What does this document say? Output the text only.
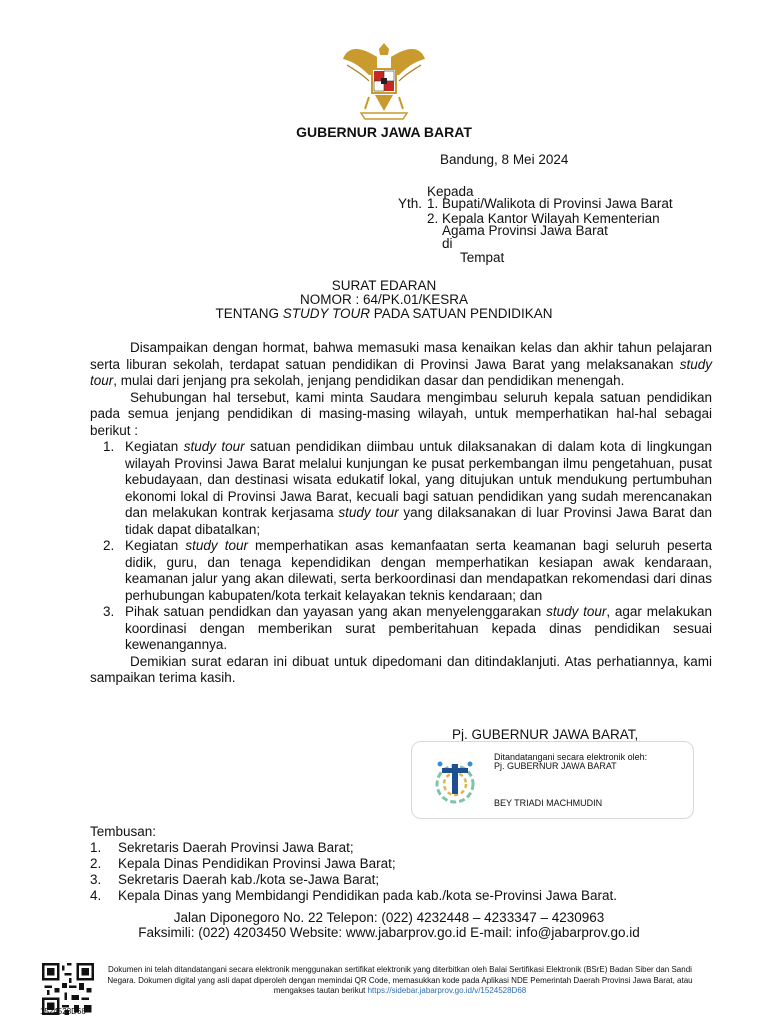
GUBERNUR JAWA BARAT
Bandung, 8 Mei 2024
Kepada
Yth. 1. Bupati/Walikota di Provinsi Jawa Barat
2. Kepala Kantor Wilayah Kementerian
Agama Provinsi Jawa Barat
di
Tempat
SURAT EDARAN
NOMOR : 64/PK.01/KESRA
TENTANG STUDY TOUR PADA SATUAN PENDIDIKAN

Disampaikan dengan hormat, bahwa memasuki masa kenaikan kelas dan akhir tahun pelajaran serta liburan sekolah, terdapat satuan pendidikan di Provinsi Jawa Barat yang melaksanakan study tour, mulai dari jenjang pra sekolah, jenjang pendidikan dasar dan pendidikan menengah.

Sehubungan hal tersebut, kami minta Saudara mengimbau seluruh kepala satuan pendidikan pada semua jenjang pendidikan di masing-masing wilayah, untuk memperhatikan hal-hal sebagai berikut :

1. Kegiatan study tour satuan pendidikan diimbau untuk dilaksanakan di dalam kota di lingkungan wilayah Provinsi Jawa Barat melalui kunjungan ke pusat perkembangan ilmu pengetahuan, pusat kebudayaan, dan destinasi wisata edukatif lokal, yang ditujukan untuk mendukung pertumbuhan ekonomi lokal di Provinsi Jawa Barat, kecuali bagi satuan pendidikan yang sudah merencanakan dan melakukan kontrak kerjasama study tour yang dilaksanakan di luar Provinsi Jawa Barat dan tidak dapat dibatalkan;
2. Kegiatan study tour memperhatikan asas kemanfaatan serta keamanan bagi seluruh peserta didik, guru, dan tenaga kependidikan dengan memperhatikan kesiapan awak kendaraan, keamanan jalur yang akan dilewati, serta berkoordinasi dan mendapatkan rekomendasi dari dinas perhubungan kabupaten/kota terkait kelayakan teknis kendaraan; dan
3. Pihak satuan pendidkan dan yayasan yang akan menyelenggarakan study tour, agar melakukan koordinasi dengan memberikan surat pemberitahuan kepada dinas pendidikan sesuai kewenangannya.

Demikian surat edaran ini dibuat untuk dipedomani dan ditindaklanjuti. Atas perhatiannya, kami sampaikan terima kasih.

Pj. GUBERNUR JAWA BARAT,
Ditandatangani secara elektronik oleh:
Pj. GUBERNUR JAWA BARAT
BEY TRIADI MACHMUDIN
Tembusan:
1. Sekretaris Daerah Provinsi Jawa Barat;
2. Kepala Dinas Pendidikan Provinsi Jawa Barat;
3. Sekretaris Daerah kab./kota se-Jawa Barat;
4. Kepala Dinas yang Membidangi Pendidikan pada kab./kota se-Provinsi Jawa Barat.
Jalan Diponegoro No. 22 Telepon: (022) 4232448 – 4233347 – 4230963
Faksimili: (022) 4203450 Website: www.jabarprov.go.id E-mail: info@jabarprov.go.id
1524528D68
Dokumen ini telah ditandatangani secara elektronik menggunakan sertifikat elektronik yang diterbitkan oleh Balai Sertifikasi Elektronik (BSrE) Badan Siber dan Sandi Negara. Dokumen digital yang asli dapat diperoleh dengan memindai QR Code, memasukkan kode pada Aplikasi NDE Pemerintah Daerah Provinsi Jawa Barat, atau mengakses tautan berikut https://sidebar.jabarprov.go.id/v/1524528D68
